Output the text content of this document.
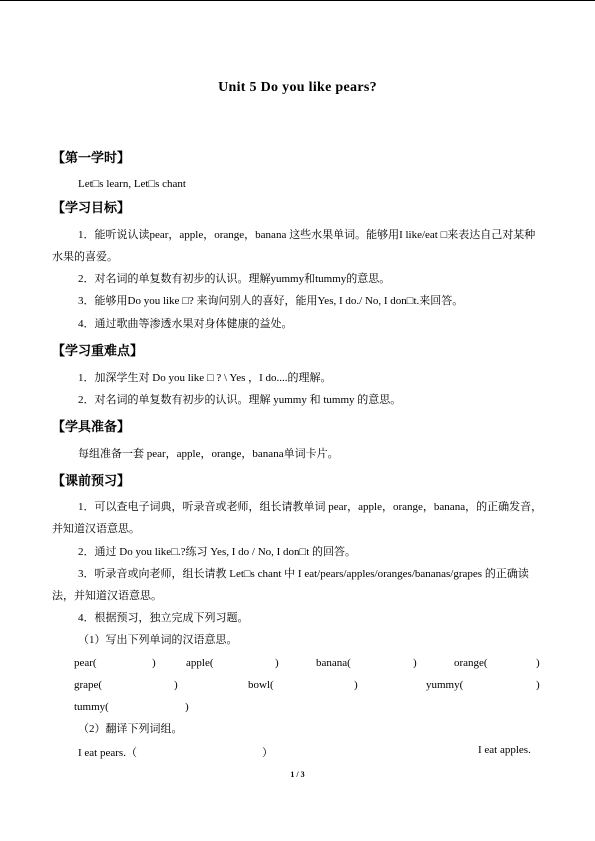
Unit 5 Do you like pears?
【第一学时】
Let□s learn, Let□s chant
【学习目标】
1．能听说认读pear，apple，orange，banana 这些水果单词。能够用I like/eat □来表达自己对某种水果的喜爱。
2．对名词的单复数有初步的认识。理解yummy和tummy的意思。
3．能够用Do you like □? 来询问别人的喜好，能用Yes, I do./ No, I don□t.来回答。
4．通过歌曲等渗透水果对身体健康的益处。
【学习重难点】
1．加深学生对 Do you like □ ? \ Yes ，I do....的理解。
2．对名词的单复数有初步的认识。理解 yummy 和 tummy 的意思。
【学具准备】
每组准备一套 pear，apple，orange，banana单词卡片。
【课前预习】
1．可以查电子词典，听录音或老师，组长请教单词 pear，apple，orange，banana，的正确发音，并知道汉语意思。
2．通过 Do you like□.?练习 Yes, I do / No, I don□t 的回答。
3．听录音或向老师，组长请教 Let□s chant 中 I eat/pears/apples/oranges/bananas/grapes 的正确读法，并知道汉语意思。
4．根据预习，独立完成下列习题。
（1）写出下列单词的汉语意思。
pear(	)	apple(	)	banana(	)	orange(	)
grape(	)	bowl(	)	yummy(	)
tummy(	)
（2）翻译下列词组。
I eat pears.（	）	I eat apples.
1 / 3
